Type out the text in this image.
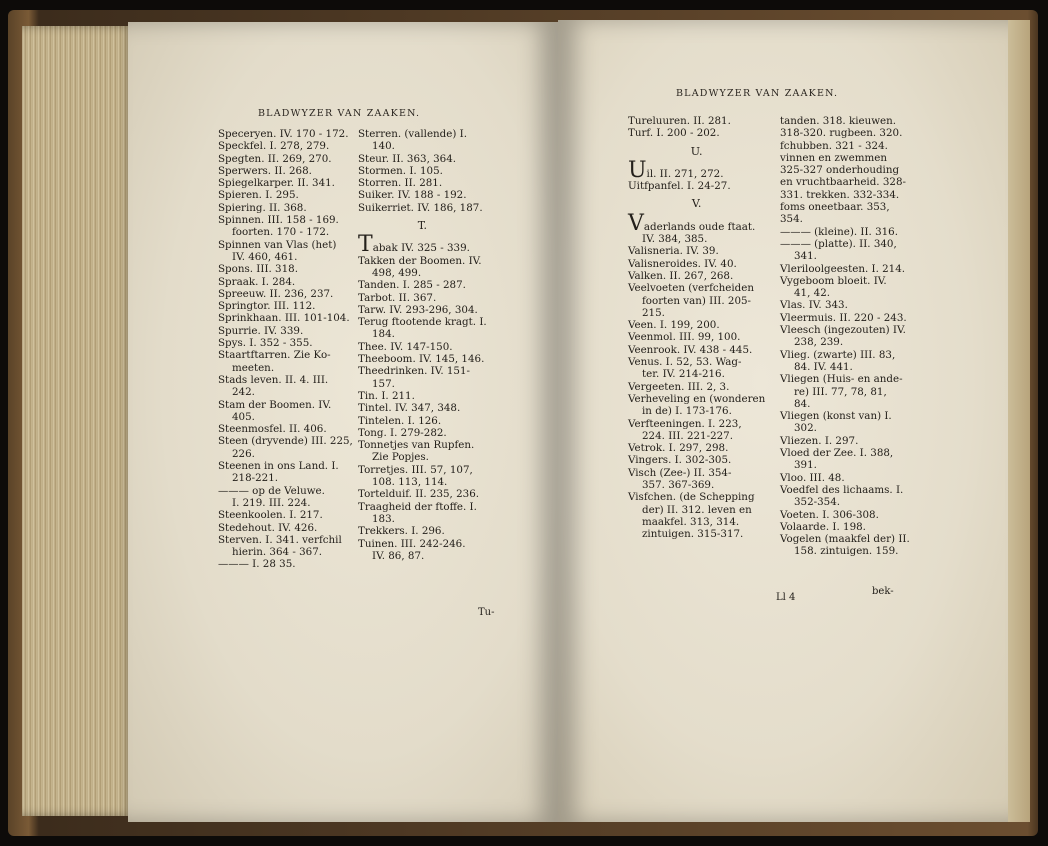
BLADWYZER VAN ZAAKEN.
Speceryen. IV. 170 - 172.
Speckfel. I. 278, 279.
Spegten. II. 269, 270.
Sperwers. II. 268.
Spiegelkarper. II. 341.
Spieren. I. 295.
Spiering. II. 368.
Spinnen. III. 158 - 169.
foorten. 170 - 172.
Spinnen van Vlas (het)
IV. 460, 461.
Spons. III. 318.
Spraak. I. 284.
Spreeuw. II. 236, 237.
Springtor. III. 112.
Sprinkhaan. III. 101-104.
Spurrie. IV. 339.
Spys. I. 352 - 355.
Staartftarren. Zie Ko-
meeten.
Stads leven. II. 4. III.
242.
Stam der Boomen. IV.
405.
Steenmosfel. II. 406.
Steen (dryvende) III. 225,
226.
Steenen in ons Land. I.
218-221.
——— op de Veluwe.
I. 219. III. 224.
Steenkoolen. I. 217.
Stedehout. IV. 426.
Sterven. I. 341. verfchil
hierin. 364 - 367.
——— I. 28 35.
Sterren. (vallende) I.
140.
Steur. II. 363, 364.
Stormen. I. 105.
Storren. II. 281.
Suiker. IV. 188 - 192.
Suikerriet. IV. 186, 187.
T.
Tabak IV. 325 - 339.
Takken der Boomen. IV.
498, 499.
Tanden. I. 285 - 287.
Tarbot. II. 367.
Tarw. IV. 293-296, 304.
Terug ftootende kragt. I.
184.
Thee. IV. 147-150.
Theeboom. IV. 145, 146.
Theedrinken. IV. 151-
157.
Tin. I. 211.
Tintel. IV. 347, 348.
Tintelen. I. 126.
Tong. I. 279-282.
Tonnetjes van Rupfen.
Zie Popjes.
Torretjes. III. 57, 107,
108. 113, 114.
Tortelduif. II. 235, 236.
Traagheid der ftoffe. I.
183.
Trekkers. I. 296.
Tuinen. III. 242-246.
IV. 86, 87.
Tu-
BLADWYZER VAN ZAAKEN.
Tureluuren. II. 281.
Turf. I. 200 - 202.
U.
Uil. II. 271, 272.
Uitfpanfel. I. 24-27.
V.
Vaderlands oude ftaat.
IV. 384, 385.
Valisneria. IV. 39.
Valisneroides. IV. 40.
Valken. II. 267, 268.
Veelvoeten (verfcheiden
foorten van) III. 205-
215.
Veen. I. 199, 200.
Veenmol. III. 99, 100.
Veenrook. IV. 438 - 445.
Venus. I. 52, 53. Wag-
ter. IV. 214-216.
Vergeeten. III. 2, 3.
Verheveling en (wonderen
in de) I. 173-176.
Verfteeningen. I. 223,
224. III. 221-227.
Vetrok. I. 297, 298.
Vingers. I. 302-305.
Visch (Zee-) II. 354-
357. 367-369.
Visfchen. (de Schepping
der) II. 312. leven en
maakfel. 313, 314.
zintuigen. 315-317.
tanden. 318. kieuwen.
318-320. rugbeen. 320.
fchubben. 321 - 324.
vinnen en zwemmen
325-327 onderhouding
en vruchtbaarheid. 328-
331. trekken. 332-334.
foms oneetbaar. 353,
354.
——— (kleine). II. 316.
——— (platte). II. 340,
341.
Vleriloolgeesten. I. 214.
Vygeboom bloeit. IV.
41, 42.
Vlas. IV. 343.
Vleermuis. II. 220 - 243.
Vleesch (ingezouten) IV.
238, 239.
Vlieg. (zwarte) III. 83,
84. IV. 441.
Vliegen (Huis- en ande-
re) III. 77, 78, 81,
84.
Vliegen (konst van) I.
302.
Vliezen. I. 297.
Vloed der Zee. I. 388,
391.
Vloo. III. 48.
Voedfel des lichaams. I.
352-354.
Voeten. I. 306-308.
Volaarde. I. 198.
Vogelen (maakfel der) II.
158. zintuigen. 159.
Ll 4
bek-
